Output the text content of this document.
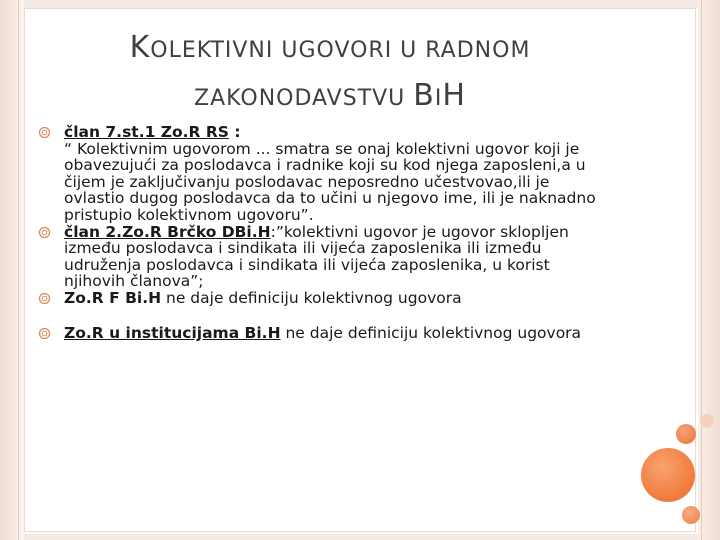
KOLEKTIVNI UGOVORI U RADNOM
ZAKONODAVSTVU BIH
član 7.st.1 Zo.R RS :
“ Kolektivnim ugovorom ... smatra se onaj kolektivni ugovor koji je obavezujući za poslodavca i radnike koji su kod njega zaposleni,a u čijem je zaključivanju poslodavac neposredno učestvovao,ili je ovlastio dugog poslodavca da to učini u njegovo ime, ili je naknadno pristupio kolektivnom ugovoru”.
član 2.Zo.R Brčko DBi.H:”kolektivni ugovor je ugovor sklopljen između poslodavca i sindikata ili vijeća zaposlenika ili između udruženja poslodavca i sindikata ili vijeća zaposlenika, u korist njihovih članova”;
Zo.R F Bi.H ne daje definiciju kolektivnog ugovora
Zo.R u institucijama Bi.H ne daje definiciju kolektivnog ugovora
